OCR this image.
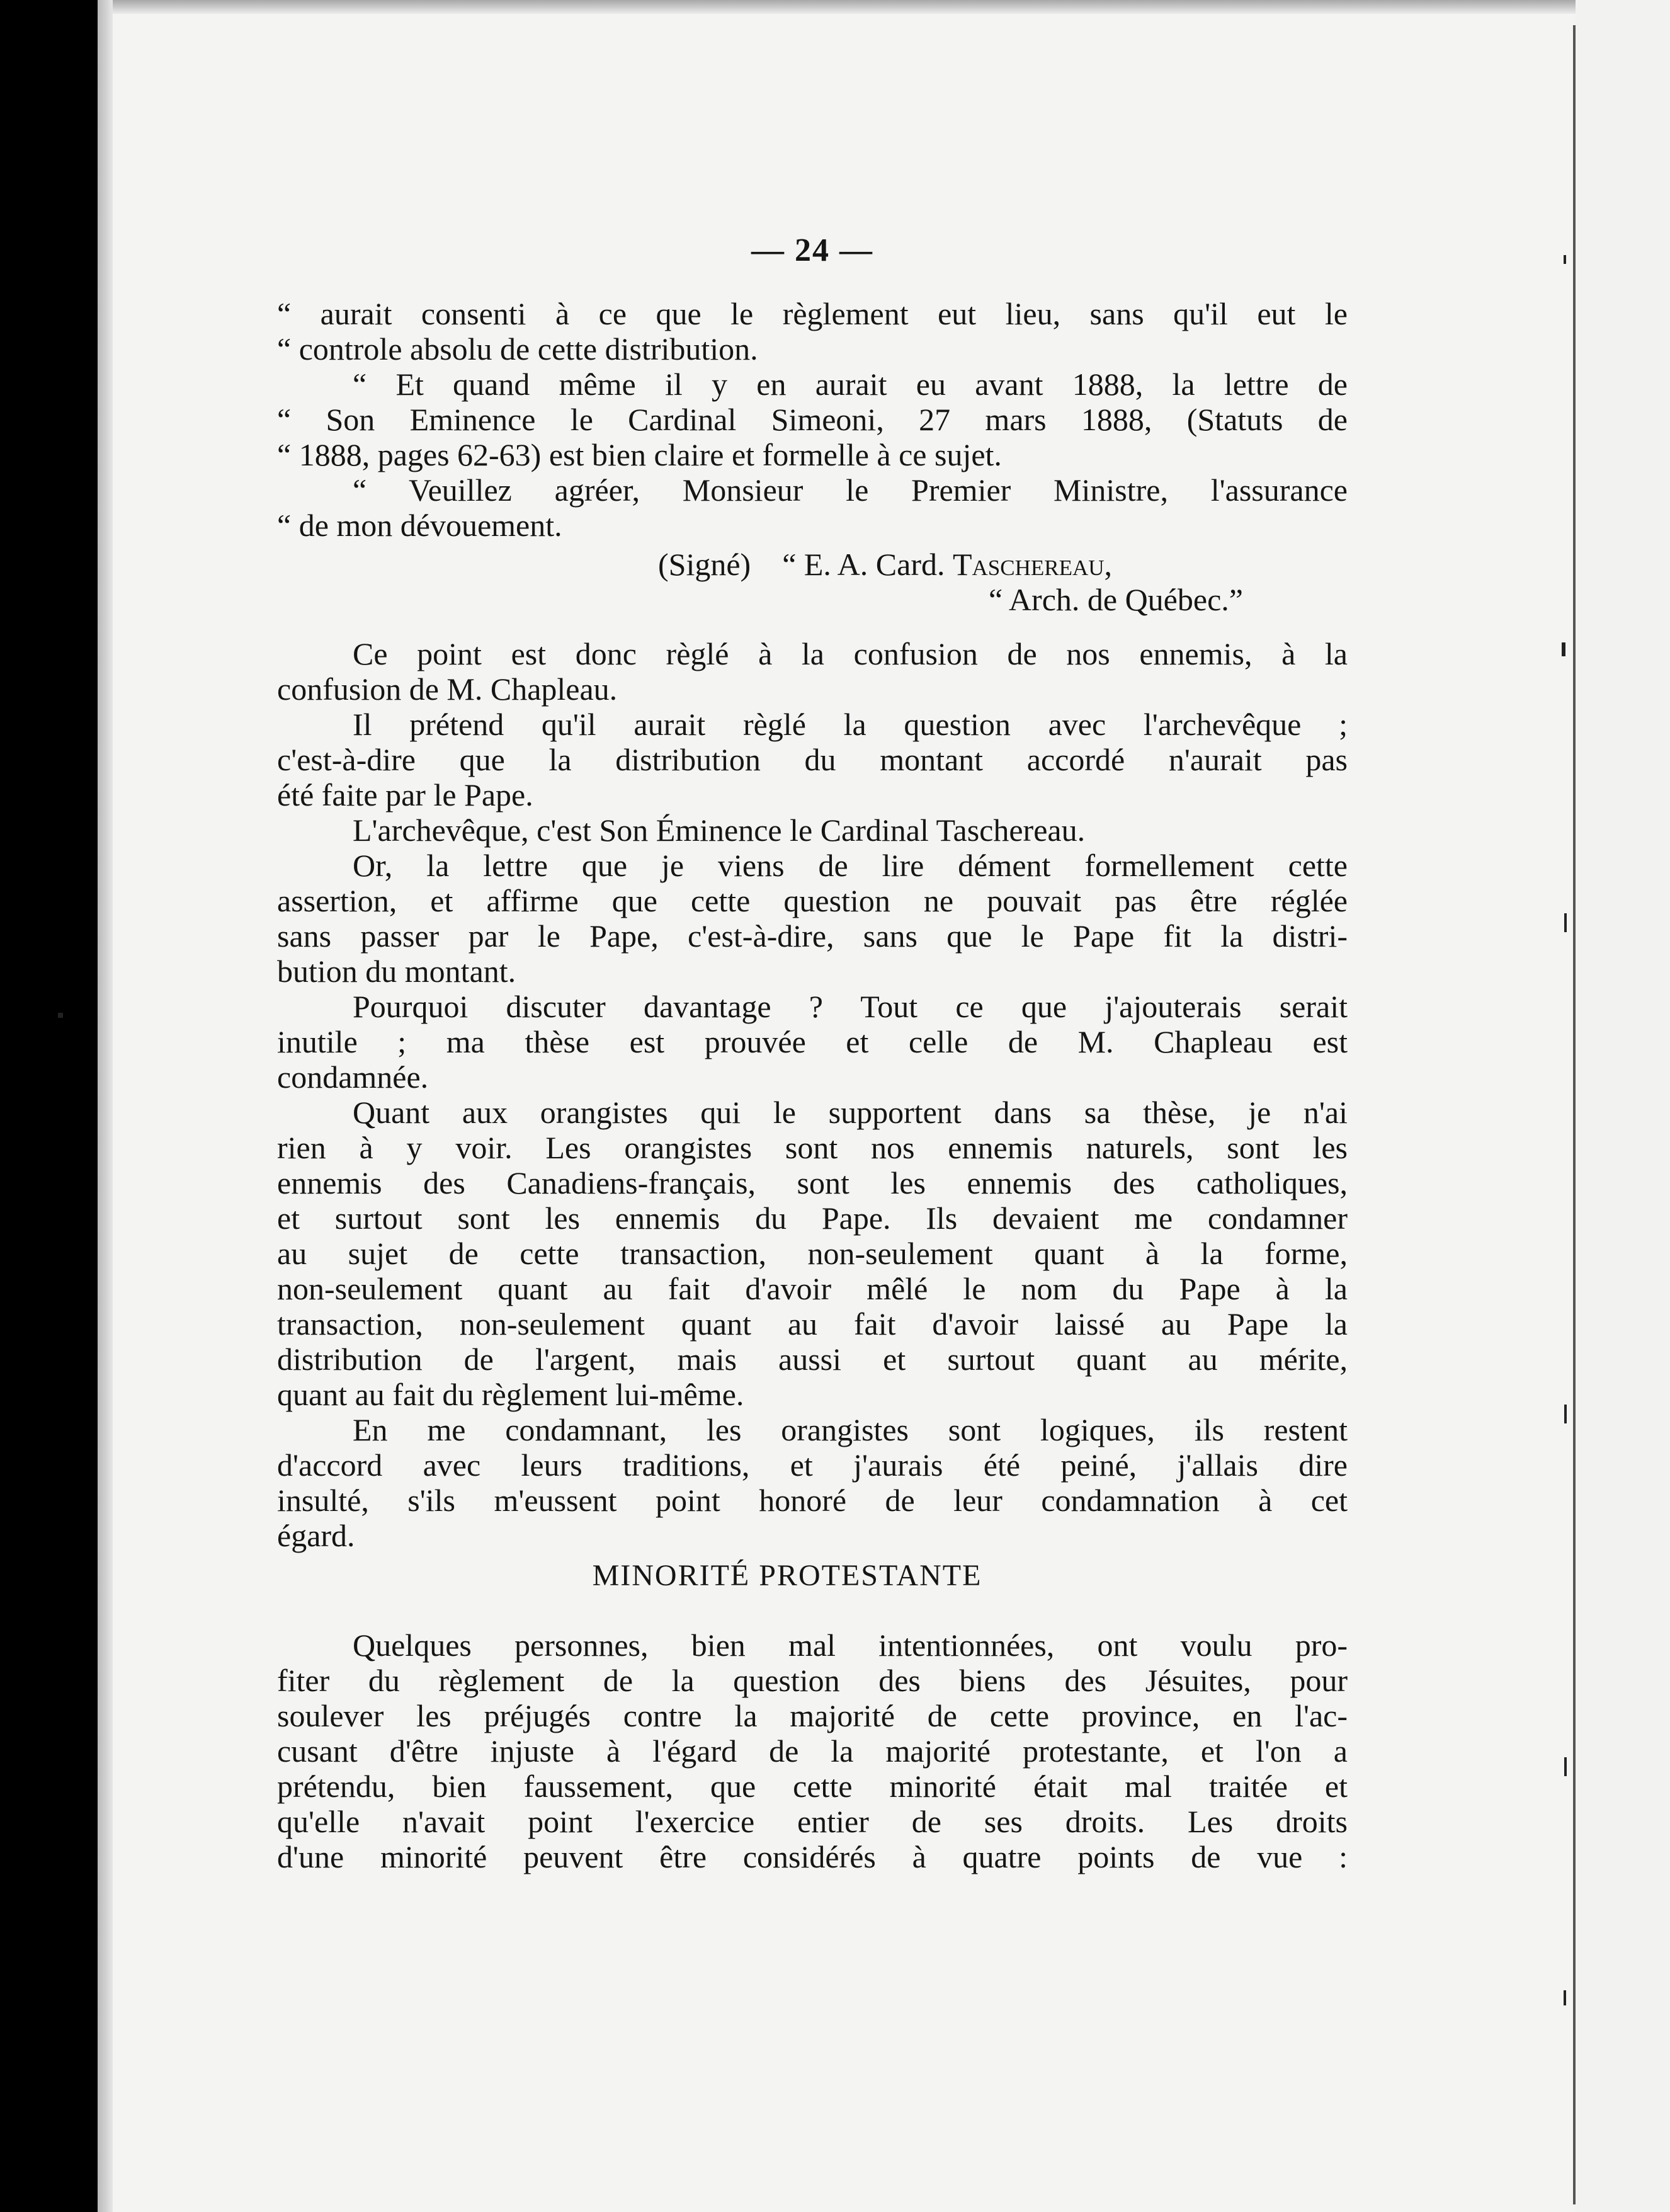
— 24 —
“ aurait consenti à ce que le règlement eut lieu, sans qu'il eut le
“ controle absolu de cette distribution.
“ Et quand même il y en aurait eu avant 1888, la lettre de
“ Son Eminence le Cardinal Simeoni, 27 mars 1888, (Statuts de
“ 1888, pages 62-63) est bien claire et formelle à ce sujet.
“ Veuillez agréer, Monsieur le Premier Ministre, l'assurance
“ de mon dévouement.
(Signé)    “ E. A. Card. Taschereau,
“ Arch. de Québec.”
Ce point est donc règlé à la confusion de nos ennemis, à la
confusion de M. Chapleau.
Il prétend qu'il aurait règlé la question avec l'archevêque ;
c'est-à-dire que la distribution du montant accordé n'aurait pas
été faite par le Pape.
L'archevêque, c'est Son Éminence le Cardinal Taschereau.
Or, la lettre que je viens de lire dément formellement cette
assertion, et affirme que cette question ne pouvait pas être réglée
sans passer par le Pape, c'est-à-dire, sans que le Pape fit la distri-
bution du montant.
Pourquoi discuter davantage ? Tout ce que j'ajouterais serait
inutile ; ma thèse est prouvée et celle de M. Chapleau est
condamnée.
Quant aux orangistes qui le supportent dans sa thèse, je n'ai
rien à y voir. Les orangistes sont nos ennemis naturels, sont les
ennemis des Canadiens-français, sont les ennemis des catholiques,
et surtout sont les ennemis du Pape. Ils devaient me condamner
au sujet de cette transaction, non-seulement quant à la forme,
non-seulement quant au fait d'avoir mêlé le nom du Pape à la
transaction, non-seulement quant au fait d'avoir laissé au Pape la
distribution de l'argent, mais aussi et surtout quant au mérite,
quant au fait du règlement lui-même.
En me condamnant, les orangistes sont logiques, ils restent
d'accord avec leurs traditions, et j'aurais été peiné, j'allais dire
insulté, s'ils m'eussent point honoré de leur condamnation à cet
égard.
MINORITÉ PROTESTANTE
Quelques personnes, bien mal intentionnées, ont voulu pro-
fiter du règlement de la question des biens des Jésuites, pour
soulever les préjugés contre la majorité de cette province, en l'ac-
cusant d'être injuste à l'égard de la majorité protestante, et l'on a
prétendu, bien faussement, que cette minorité était mal traitée et
qu'elle n'avait point l'exercice entier de ses droits. Les droits
d'une minorité peuvent être considérés à quatre points de vue :
